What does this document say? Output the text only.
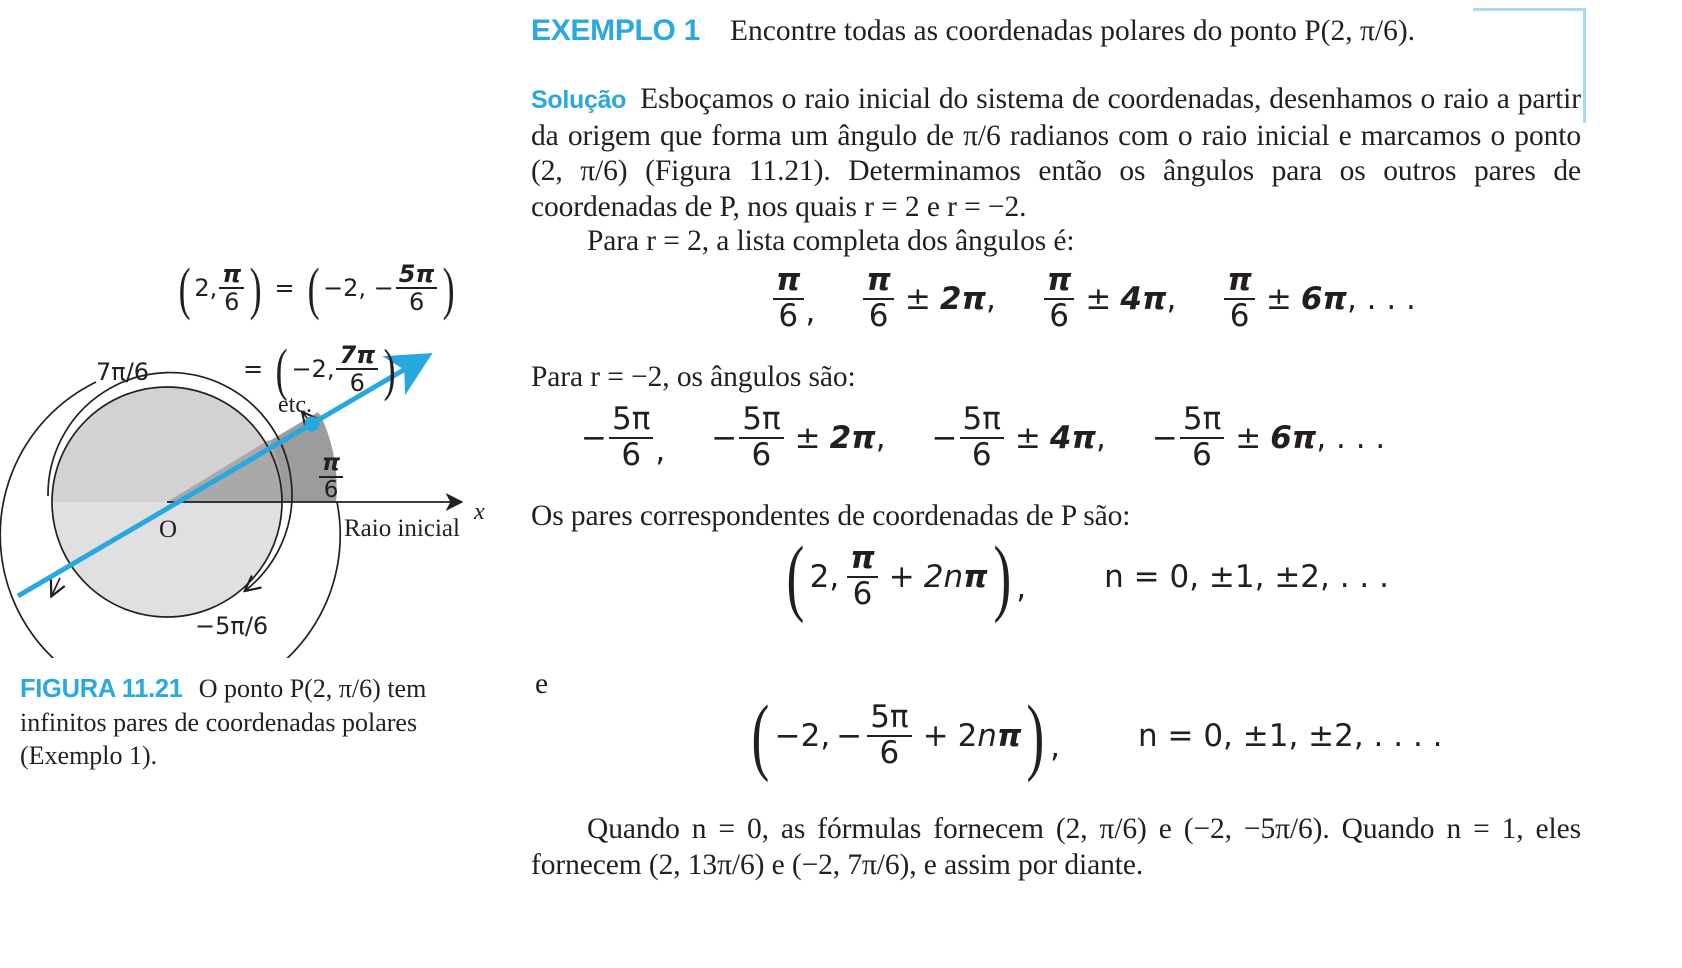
( 2, $\frac{\pi}{6}$ ) = ( −2, − $\frac{5\pi}{6}$ )
= ( −2, $\frac{7\pi}{6}$ )
etc.
7π/6
−5π/6
$\frac{\pi}{6}$
O
x
Raio inicial
FIGURA 11.21 O ponto P(2, π/6) tem infinitos pares de coordenadas polares (Exemplo 1).
EXEMPLO 1 Encontre todas as coordenadas polares do ponto P(2, π/6).
Solução Esboçamos o raio inicial do sistema de coordenadas, desenhamos o raio a partir da origem que forma um ângulo de π/6 radianos com o raio inicial e marcamos o ponto (2, π/6) (Figura 11.21). Determinamos então os ângulos para os outros pares de coordenadas de P, nos quais r = 2 e r = −2.
Para r = 2, a lista completa dos ângulos é:
$\frac{\pi}{6}$ , $\frac{\pi}{6} \pm 2\pi$ , $\frac{\pi}{6} \pm 4\pi$ , $\frac{\pi}{6} \pm 6\pi$ , . . .
Para r = −2, os ângulos são:
− $\frac{5\pi}{6}$ , − $\frac{5\pi}{6} \pm 2\pi$ , − $\frac{5\pi}{6} \pm 4\pi$ , − $\frac{5\pi}{6} \pm 6\pi$ , . . .
Os pares correspondentes de coordenadas de P são:
( 2, $\frac{\pi}{6} + 2n\pi$ ) ,	n = 0, ±1, ±2, . . .
e
( −2, − $\frac{5\pi}{6} + 2n\pi$ ) ,	n = 0, ±1, ±2, . . . .
Quando n = 0, as fórmulas fornecem (2, π/6) e (−2, −5π/6). Quando n = 1, eles fornecem (2, 13π/6) e (−2, 7π/6), e assim por diante.
